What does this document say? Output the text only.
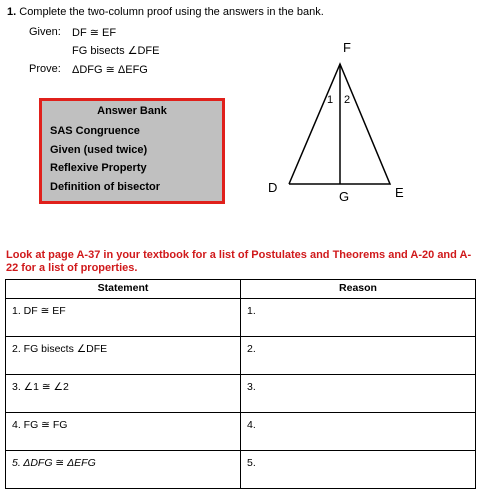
1. Complete the two-column proof using the answers in the bank.
Given: DF ≅ EF
FG bisects ∠DFE
Prove: ΔDFG ≅ ΔEFG
Answer Bank
SAS Congruence
Given (used twice)
Reflexive Property
Definition of bisector
F
D	E
G
1 2
Look at page A-37 in your textbook for a list of Postulates and Theorems and A-20 and A-22 for a list of properties.
Statement	Reason
1. DF ≅ EF	1.
2. FG bisects ∠DFE	2.
3. ∠1 ≅ ∠2	3.
4. FG ≅ FG	4.
5. ΔDFG ≅ ΔEFG	5.
